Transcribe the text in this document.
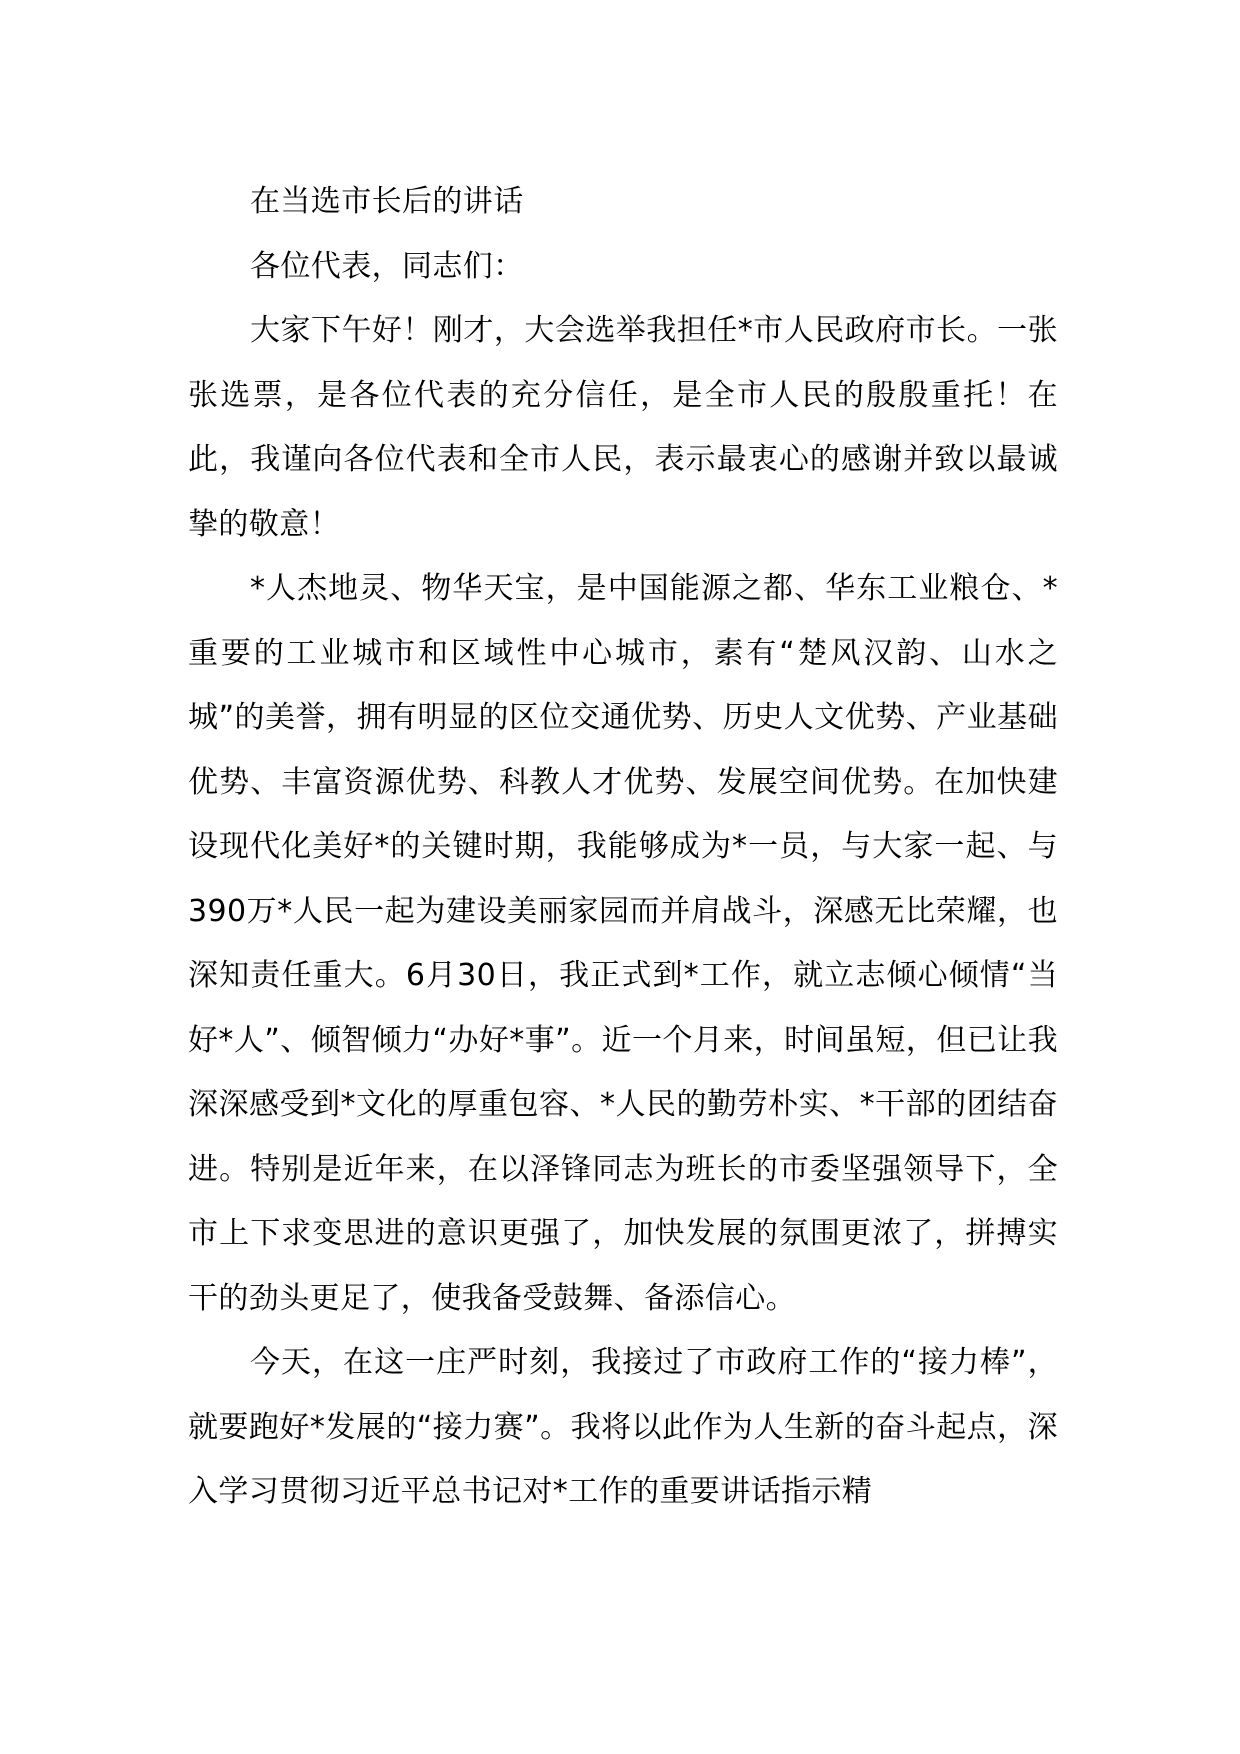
在当选市长后的讲话

各位代表，同志们：

大家下午好！刚才，大会选举我担任*市人民政府市长。一张张选票，是各位代表的充分信任，是全市人民的殷殷重托！在此，我谨向各位代表和全市人民，表示最衷心的感谢并致以最诚挚的敬意！

*人杰地灵、物华天宝，是中国能源之都、华东工业粮仓、*重要的工业城市和区域性中心城市，素有“楚风汉韵、山水之城”的美誉，拥有明显的区位交通优势、历史人文优势、产业基础优势、丰富资源优势、科教人才优势、发展空间优势。在加快建设现代化美好*的关键时期，我能够成为*一员，与大家一起、与390万*人民一起为建设美丽家园而并肩战斗，深感无比荣耀，也深知责任重大。6月30日，我正式到*工作，就立志倾心倾情“当好*人”、倾智倾力“办好*事”。近一个月来，时间虽短，但已让我深深感受到*文化的厚重包容、*人民的勤劳朴实、*干部的团结奋进。特别是近年来，在以泽锋同志为班长的市委坚强领导下，全市上下求变思进的意识更强了，加快发展的氛围更浓了，拼搏实干的劲头更足了，使我备受鼓舞、备添信心。

今天，在这一庄严时刻，我接过了市政府工作的“接力棒”，就要跑好*发展的“接力赛”。我将以此作为人生新的奋斗起点，深入学习贯彻习近平总书记对*工作的重要讲话指示精
